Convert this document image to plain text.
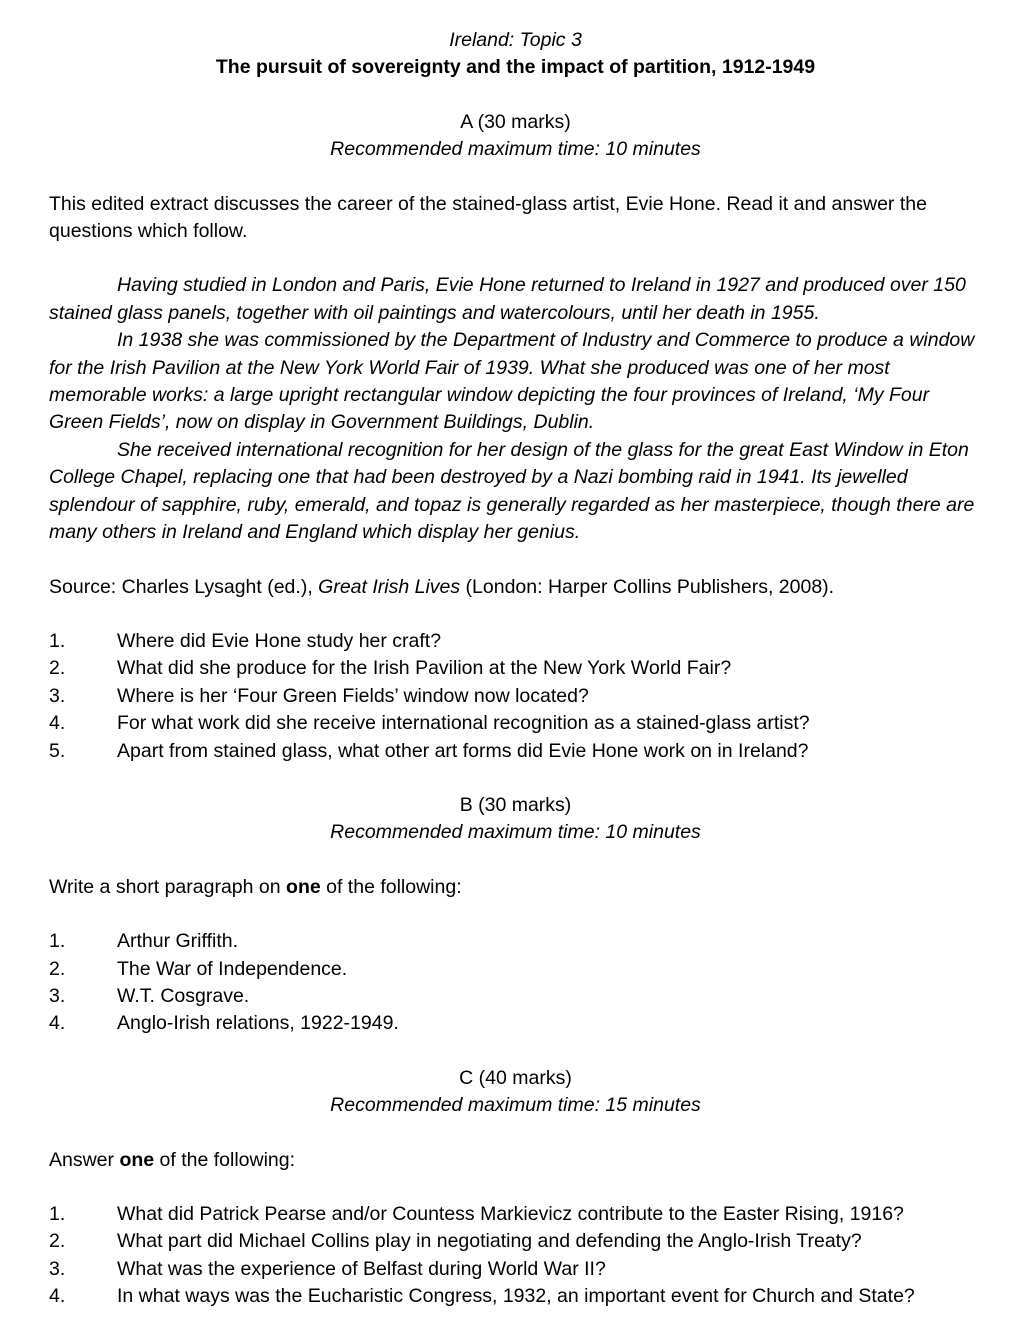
Ireland: Topic 3
The pursuit of sovereignty and the impact of partition, 1912-1949
A (30 marks)
Recommended maximum time: 10 minutes

This edited extract discusses the career of the stained-glass artist, Evie Hone. Read it and answer the questions which follow.

Having studied in London and Paris, Evie Hone returned to Ireland in 1927 and produced over 150 stained glass panels, together with oil paintings and watercolours, until her death in 1955.

In 1938 she was commissioned by the Department of Industry and Commerce to produce a window for the Irish Pavilion at the New York World Fair of 1939. What she produced was one of her most memorable works: a large upright rectangular window depicting the four provinces of Ireland, ‘My Four Green Fields’, now on display in Government Buildings, Dublin.

She received international recognition for her design of the glass for the great East Window in Eton College Chapel, replacing one that had been destroyed by a Nazi bombing raid in 1941. Its jewelled splendour of sapphire, ruby, emerald, and topaz is generally regarded as her masterpiece, though there are many others in Ireland and England which display her genius.

Source: Charles Lysaght (ed.), Great Irish Lives (London: Harper Collins Publishers, 2008).

1.	Where did Evie Hone study her craft?
2.	What did she produce for the Irish Pavilion at the New York World Fair?
3.	Where is her ‘Four Green Fields’ window now located?
4.	For what work did she receive international recognition as a stained-glass artist?
5.	Apart from stained glass, what other art forms did Evie Hone work on in Ireland?
B (30 marks)
Recommended maximum time: 10 minutes

Write a short paragraph on one of the following:

1.	Arthur Griffith.
2.	The War of Independence.
3.	W.T. Cosgrave.
4.	Anglo-Irish relations, 1922-1949.
C (40 marks)
Recommended maximum time: 15 minutes

Answer one of the following:

1.	What did Patrick Pearse and/or Countess Markievicz contribute to the Easter Rising, 1916?
2.	What part did Michael Collins play in negotiating and defending the Anglo-Irish Treaty?
3.	What was the experience of Belfast during World War II?
4.	In what ways was the Eucharistic Congress, 1932, an important event for Church and State?
